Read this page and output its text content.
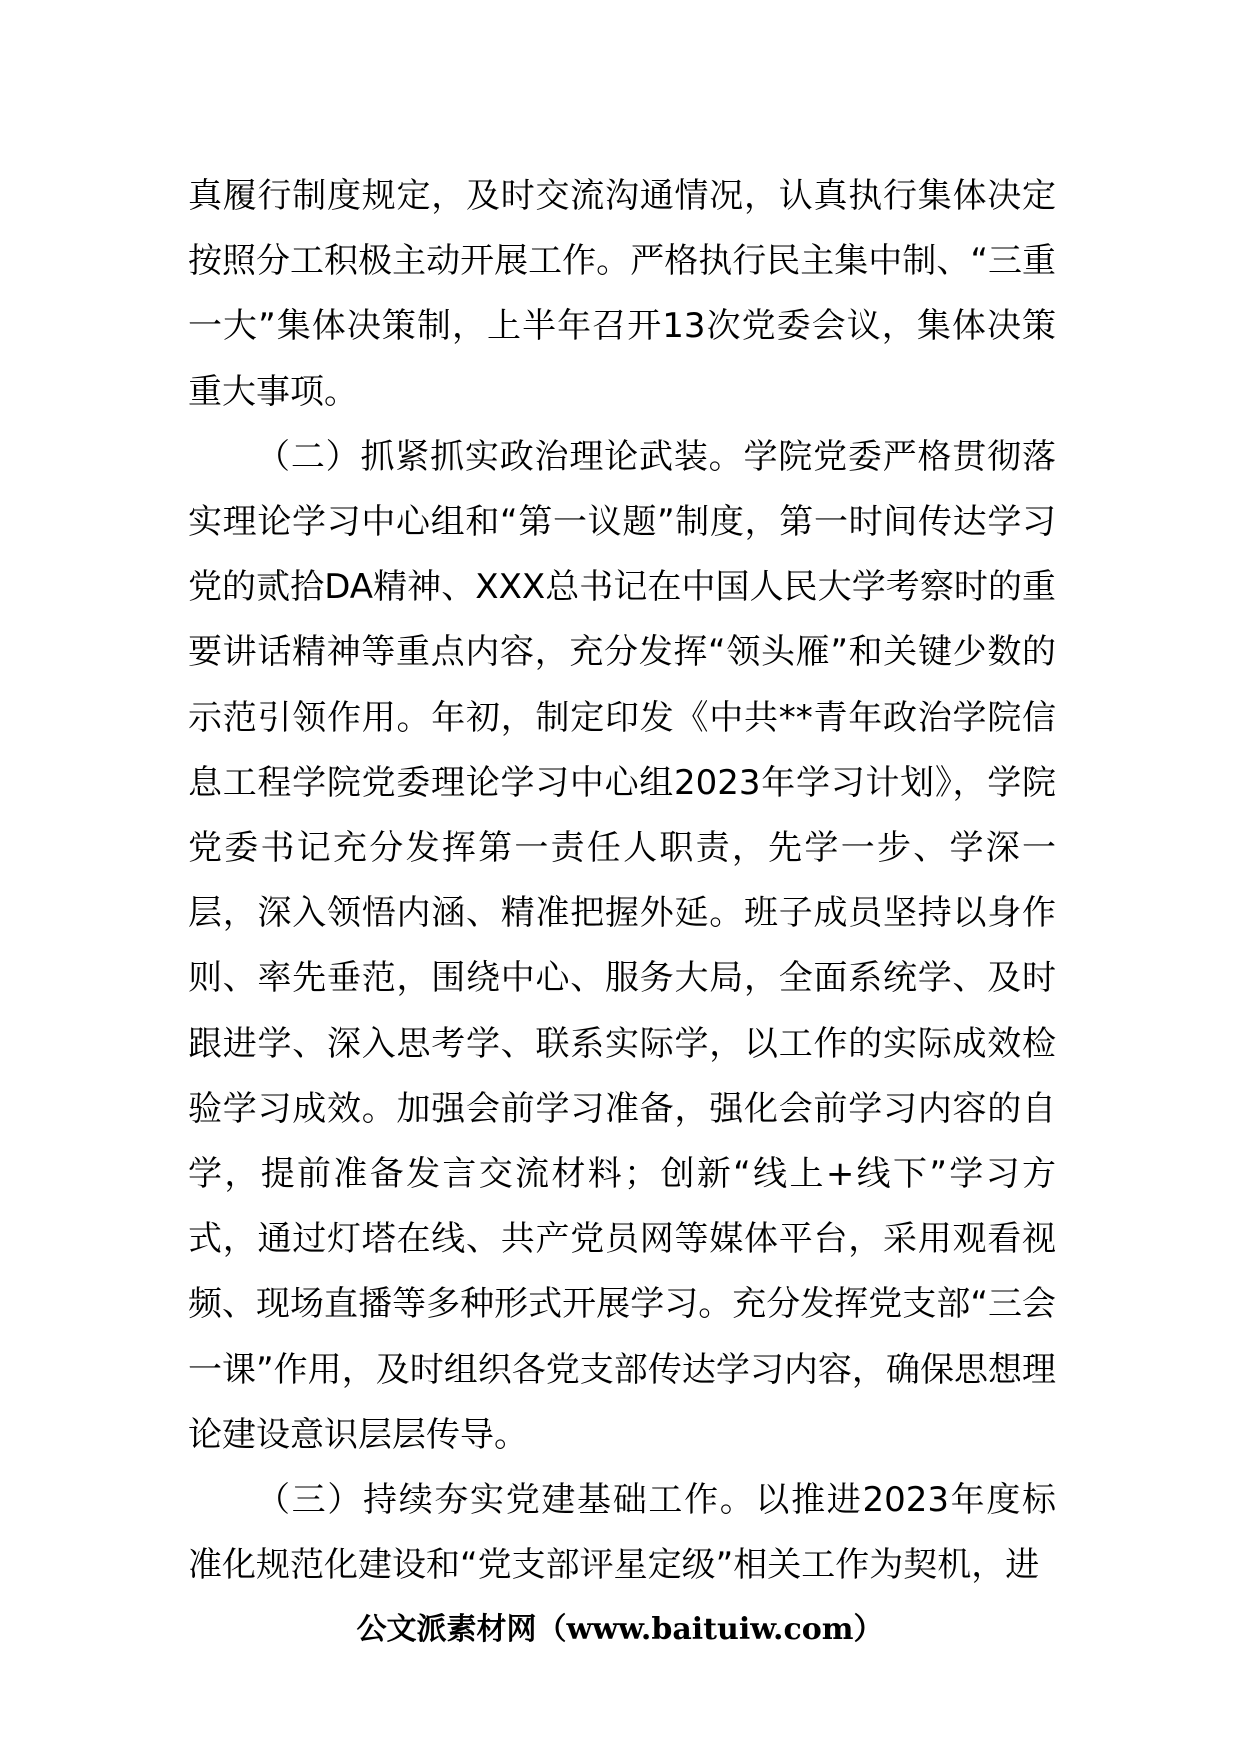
真履行制度规定，及时交流沟通情况，认真执行集体决定按照分工积极主动开展工作。严格执行民主集中制、“三重一大”集体决策制，上半年召开13次党委会议，集体决策重大事项。

（二）抓紧抓实政治理论武装。学院党委严格贯彻落实理论学习中心组和“第一议题”制度，第一时间传达学习党的贰拾DA精神、XXX总书记在中国人民大学考察时的重要讲话精神等重点内容，充分发挥“领头雁”和关键少数的示范引领作用。年初，制定印发《中共**青年政治学院信息工程学院党委理论学习中心组2023年学习计划》，学院党委书记充分发挥第一责任人职责，先学一步、学深一层，深入领悟内涵、精准把握外延。班子成员坚持以身作则、率先垂范，围绕中心、服务大局，全面系统学、及时跟进学、深入思考学、联系实际学，以工作的实际成效检验学习成效。加强会前学习准备，强化会前学习内容的自学，提前准备发言交流材料；创新“线上+线下”学习方式，通过灯塔在线、共产党员网等媒体平台，采用观看视频、现场直播等多种形式开展学习。充分发挥党支部“三会一课”作用，及时组织各党支部传达学习内容，确保思想理论建设意识层层传导。

（三）持续夯实党建基础工作。以推进2023年度标准化规范化建设和“党支部评星定级”相关工作为契机，进

公文派素材网（www.baituiw.com）
